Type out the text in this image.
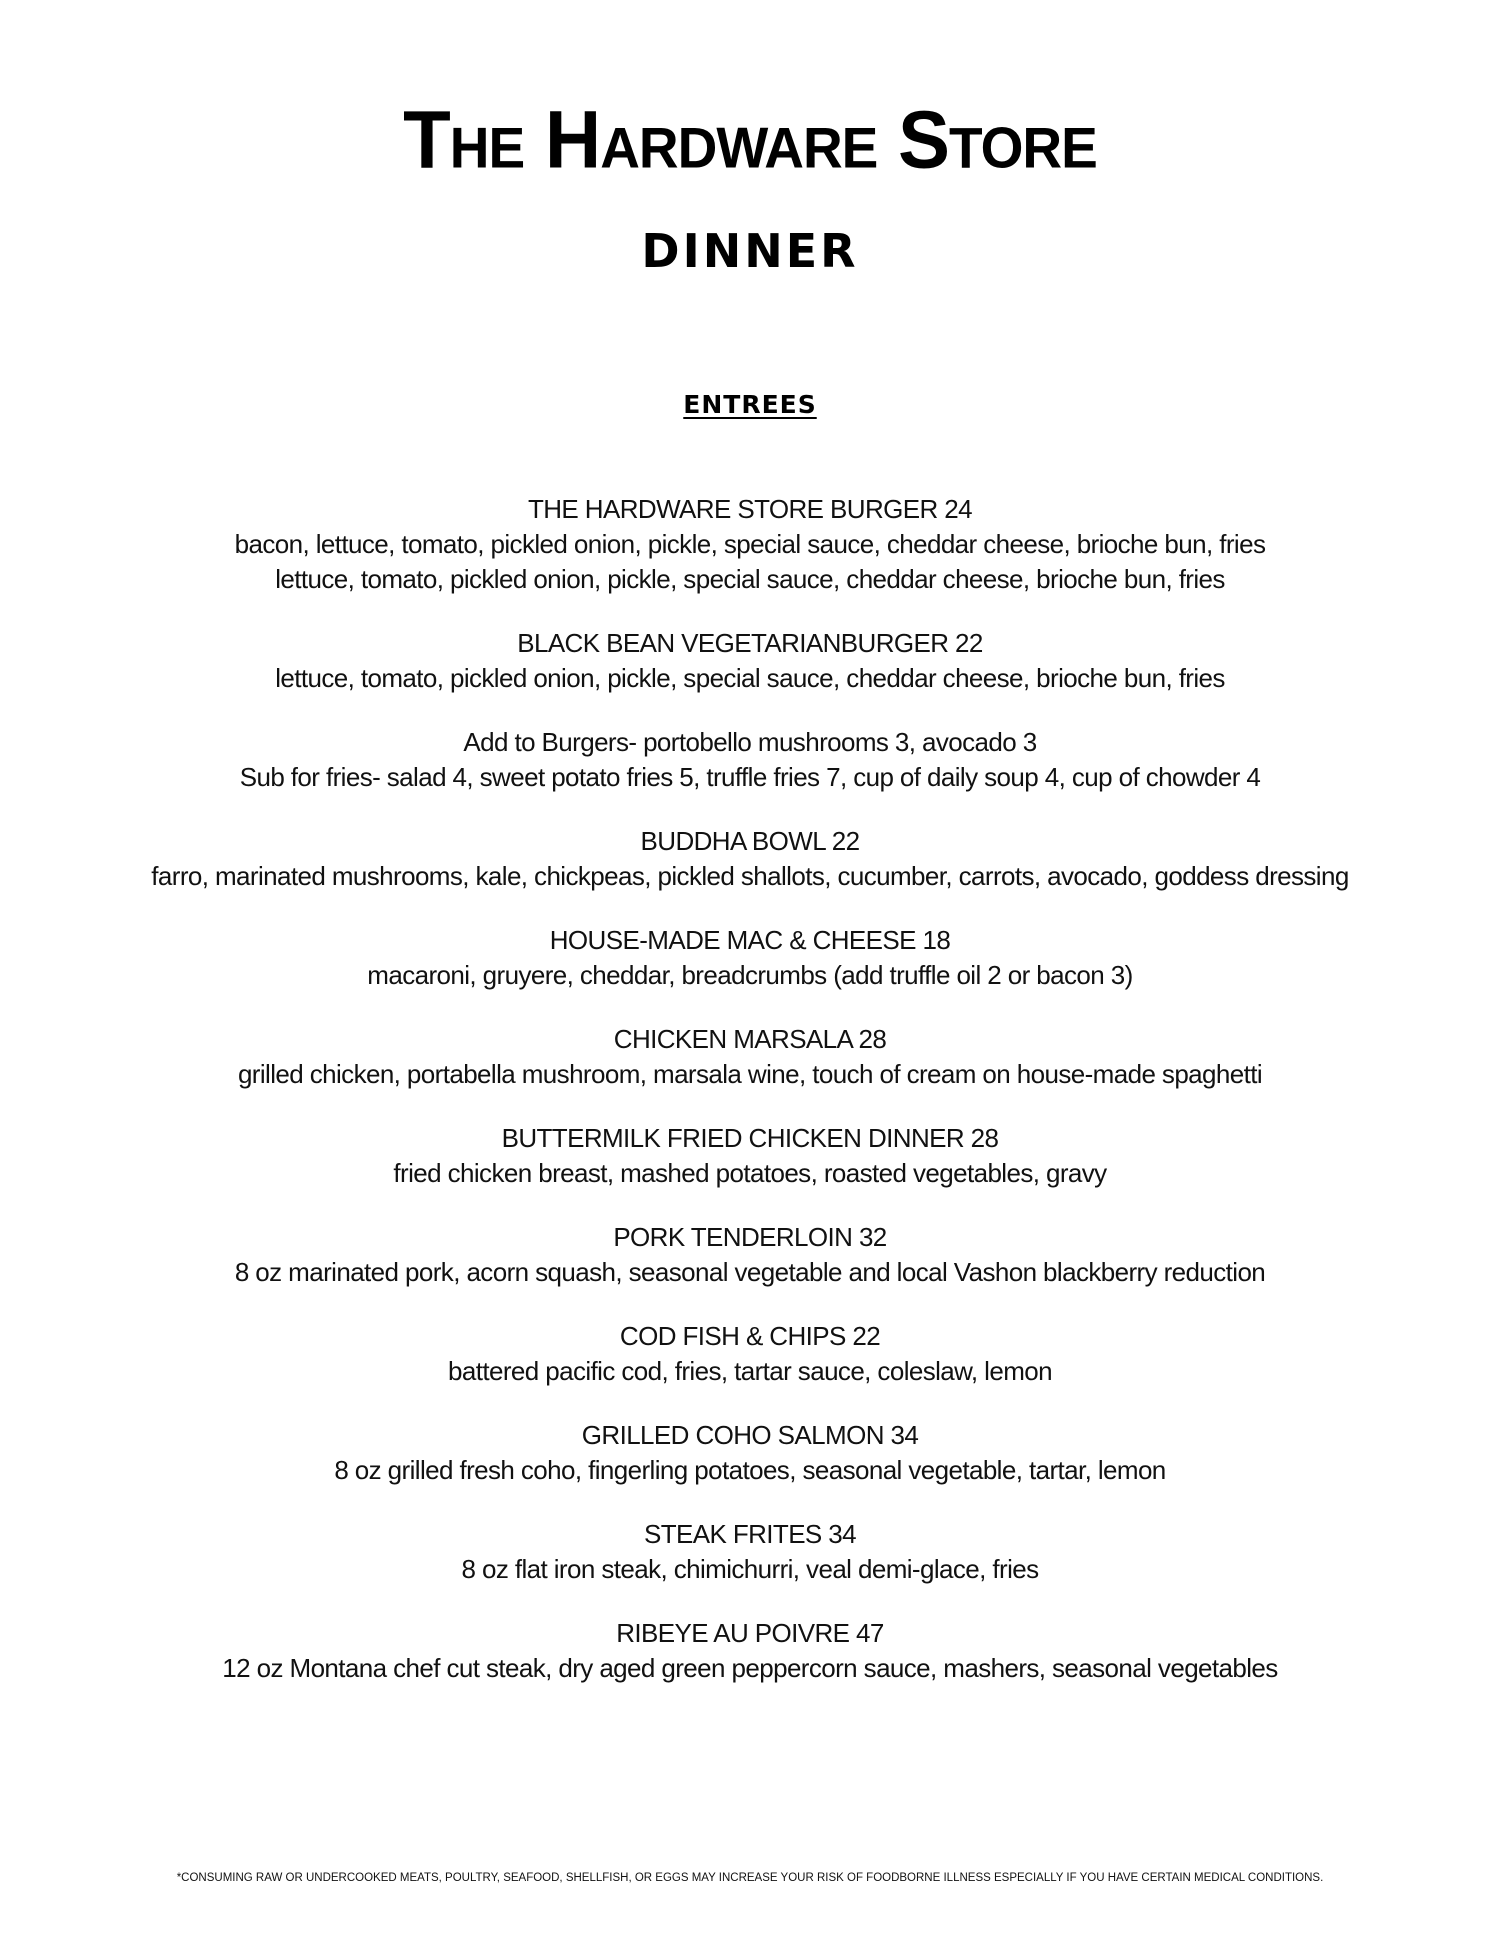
The Hardware Store
DINNER
ENTREES
THE HARDWARE STORE BURGER 24
bacon, lettuce, tomato, pickled onion, pickle, special sauce, cheddar cheese, brioche bun, fries
lettuce, tomato, pickled onion, pickle, special sauce, cheddar cheese, brioche bun, fries
BLACK BEAN VEGETARIANBURGER 22
lettuce, tomato, pickled onion, pickle, special sauce, cheddar cheese, brioche bun, fries
Add to Burgers- portobello mushrooms 3, avocado 3
Sub for fries- salad 4, sweet potato fries 5, truffle fries 7, cup of daily soup 4, cup of chowder 4
BUDDHA BOWL 22
farro, marinated mushrooms, kale, chickpeas, pickled shallots, cucumber, carrots, avocado, goddess dressing
HOUSE-MADE MAC & CHEESE 18
macaroni, gruyere, cheddar, breadcrumbs (add truffle oil 2 or bacon 3)
CHICKEN MARSALA 28
grilled chicken, portabella mushroom, marsala wine, touch of cream on house-made spaghetti
BUTTERMILK FRIED CHICKEN DINNER 28
fried chicken breast, mashed potatoes, roasted vegetables, gravy
PORK TENDERLOIN 32
8 oz marinated pork, acorn squash, seasonal vegetable and local Vashon blackberry reduction
COD FISH & CHIPS 22
battered pacific cod, fries, tartar sauce, coleslaw, lemon
GRILLED COHO SALMON 34
8 oz grilled fresh coho, fingerling potatoes, seasonal vegetable, tartar, lemon
STEAK FRITES 34
8 oz flat iron steak, chimichurri, veal demi-glace, fries
RIBEYE AU POIVRE 47
12 oz Montana chef cut steak, dry aged green peppercorn sauce, mashers, seasonal vegetables
*CONSUMING RAW OR UNDERCOOKED MEATS, POULTRY, SEAFOOD, SHELLFISH, OR EGGS MAY INCREASE YOUR RISK OF FOODBORNE ILLNESS ESPECIALLY IF YOU HAVE CERTAIN MEDICAL CONDITIONS.
